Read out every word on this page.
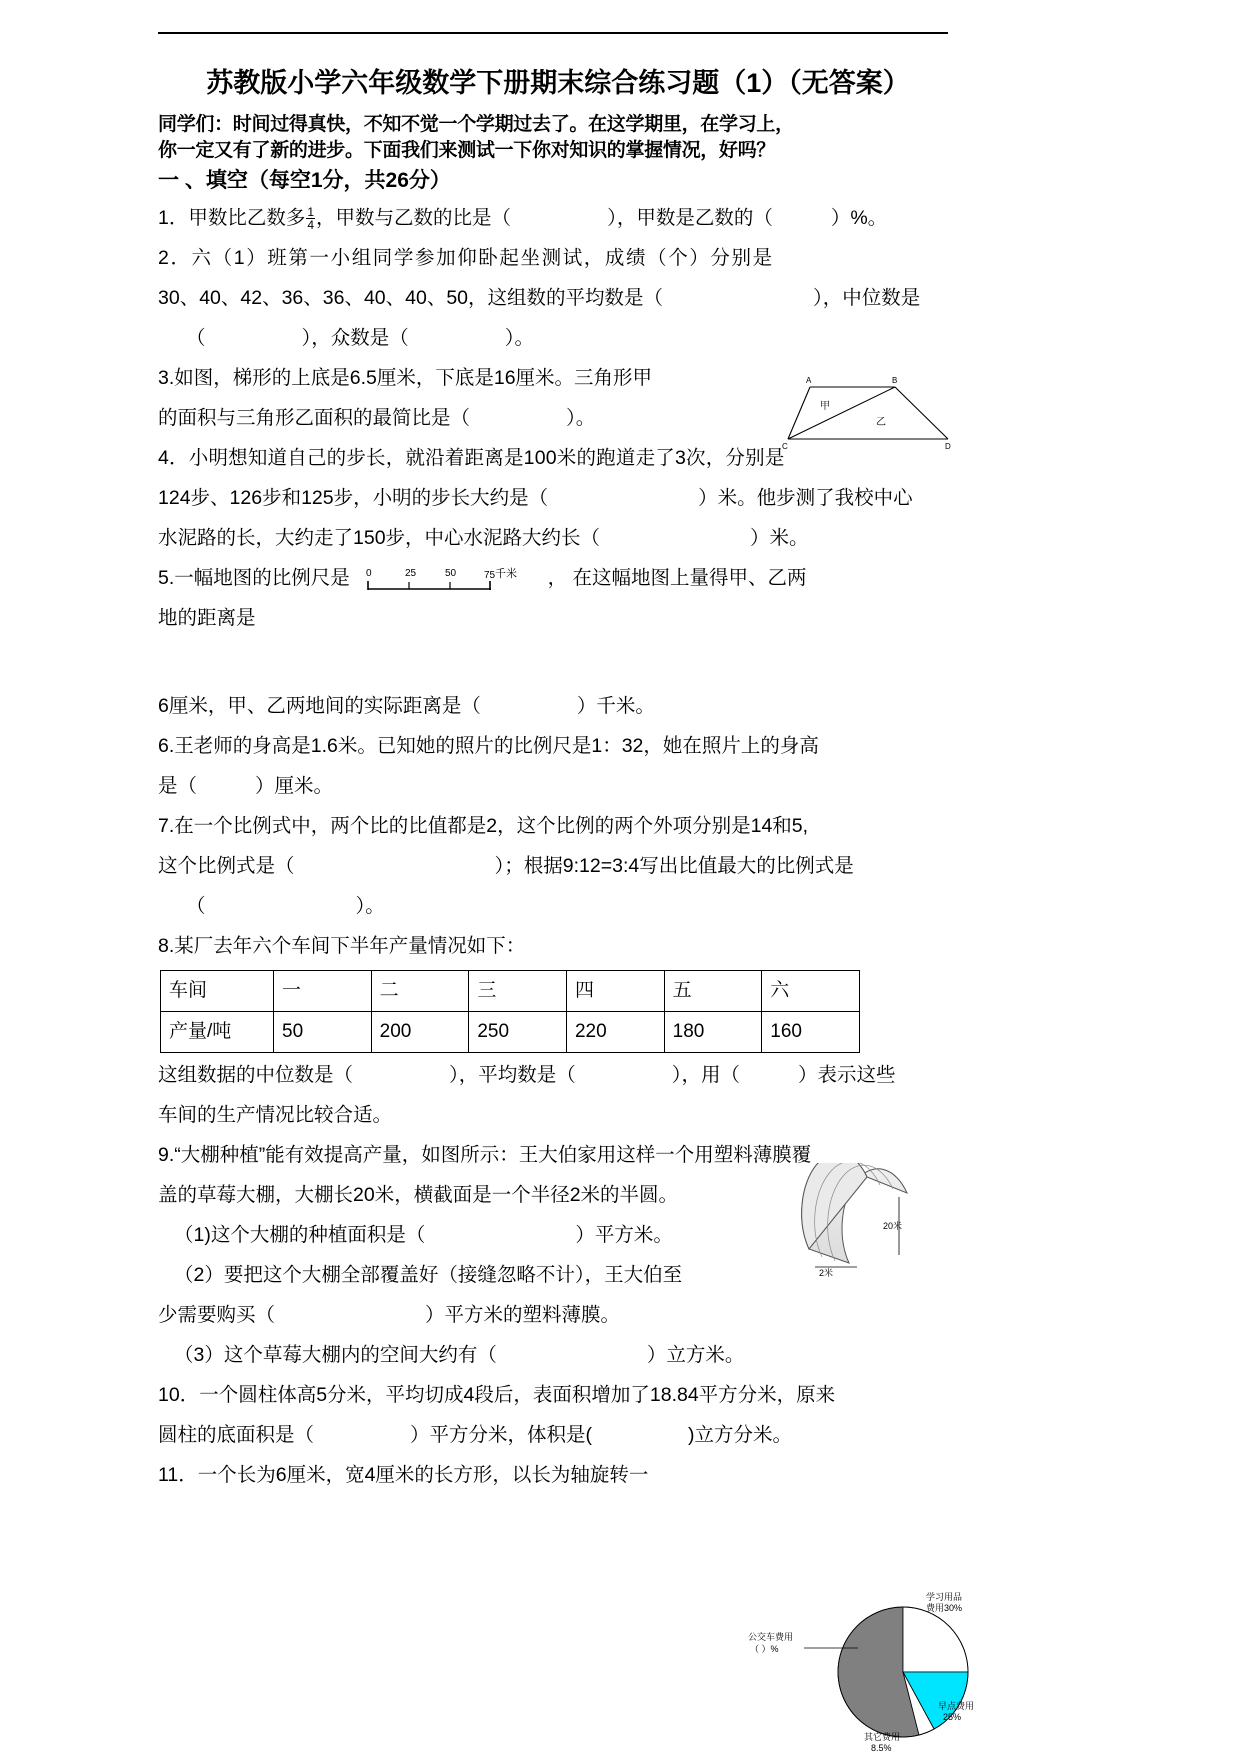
苏教版小学六年级数学下册期末综合练习题（1）（无答案）
同学们：时间过得真快，不知不觉一个学期过去了。在这学期里，在学习上，
你一定又有了新的进步。下面我们来测试一下你对知识的掌握情况，好吗？
一 、填空（每空1分，共26分）
1．甲数比乙数多 $\frac{1}{4}$ ，甲数与乙数的比是（	），甲数是乙数的（	）%。
2．六（1）班第一小组同学参加仰卧起坐测试，成绩（个）分别是
30、40、42、36、36、40、40、50，这组数的平均数是（	），中位数是
（	），众数是（	）。
3.如图，梯形的上底是6.5厘米，下底是16厘米。三角形甲
的面积与三角形乙面积的最简比是（	）。
4．小明想知道自己的步长，就沿着距离是100米的跑道走了3次，分别是
124步、126步和125步，小明的步长大约是（	）米。他步测了我校中心
水泥路的长，大约走了150步，中心水泥路大约长（	）米。
5.一幅地图的比例尺是 0	25	50	75 千米 ， 在这幅地图上量得甲、乙两
地的距离是
6厘米，甲、乙两地间的实际距离是（	）千米。
6.王老师的身高是1.6米。已知她的照片的比例尺是1：32，她在照片上的身高
是（	）厘米。
7.在一个比例式中，两个比的比值都是2，这个比例的两个外项分别是14和5,
这个比例式是（	）；根据9:12=3:4写出比值最大的比例式是
（	）。
8.某厂去年六个车间下半年产量情况如下：
车间	一	二	三	四	五	六
产量/吨	50	200	250	220	180	160
这组数据的中位数是（	），平均数是（	），用（	）表示这些
车间的生产情况比较合适。
9.“大棚种植”能有效提高产量，如图所示：王大伯家用这样一个用塑料薄膜覆
盖的草莓大棚，大棚长20米，横截面是一个半径2米的半圆。
（1)这个大棚的种植面积是（	）平方米。
（2）要把这个大棚全部覆盖好（接缝忽略不计），王大伯至
少需要购买（	）平方米的塑料薄膜。
（3）这个草莓大棚内的空间大约有（	）立方米。
10．一个圆柱体高5分米，平均切成4段后，表面积增加了18.84平方分米，原来
圆柱的底面积是（	）平方分米，体积是(	)立方分米。
11．一个长为6厘米，宽4厘米的长方形，以长为轴旋转一
A	B
C	D
甲
乙
20米
2米
学习用品
费用30%
早点费用
25%
其它费用
8.5%
公交车费用
（ ）%
